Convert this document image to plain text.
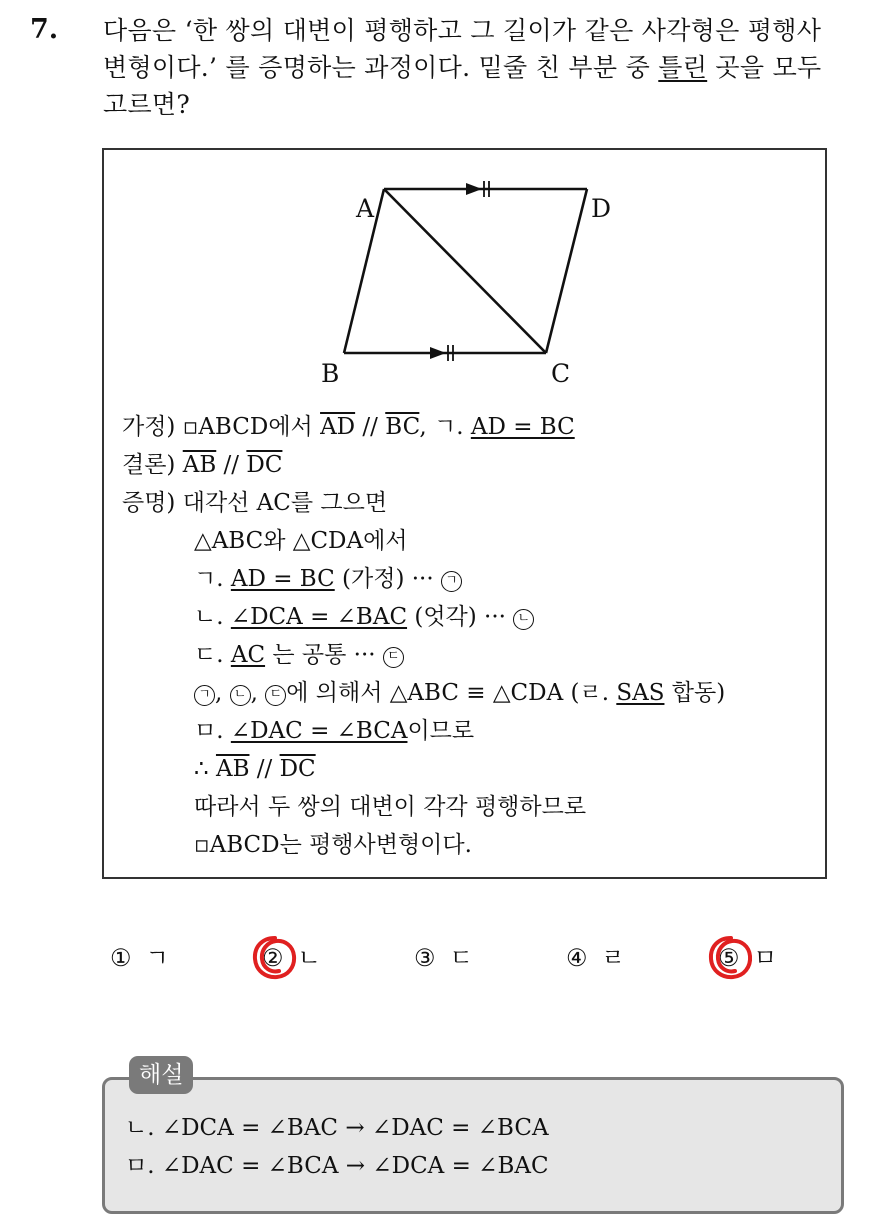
7. 다음은 ‘한 쌍의 대변이 평행하고 그 길이가 같은 사각형은 평행사
변형이다.’ 를 증명하는 과정이다. 밑줄 친 부분 중 틀린 곳을 모두
고르면?
A	D
B	C
가정) ▫ABCD에서 $\overline{AD} // \overline{BC}$, ㄱ. AD = BC
결론) $\overline{AB} // \overline{DC}$
증명) 대각선 AC를 그으면
△ABC와 △CDA에서
ㄱ. AD = BC (가정) ··· ㄱ
ㄴ. ∠DCA = ∠BAC (엇각) ··· ㄴ
ㄷ. AC 는 공통 ··· ㄷ
ㄱ , ㄴ , ㄷ 에 의해서 △ABC ≡ △CDA (ㄹ. SAS 합동)
ㅁ. ∠DAC = ∠BCA이므로
∴ $\overline{AB} // \overline{DC}$
따라서 두 쌍의 대변이 각각 평행하므로
▫ABCD는 평행사변형이다.
① ㄱ	② ㄴ	③ ㄷ	④ ㄹ	⑤ ㅁ
ㄴ. ∠DCA = ∠BAC → ∠DAC = ∠BCA
ㅁ. ∠DAC = ∠BCA → ∠DCA = ∠BAC
해설
